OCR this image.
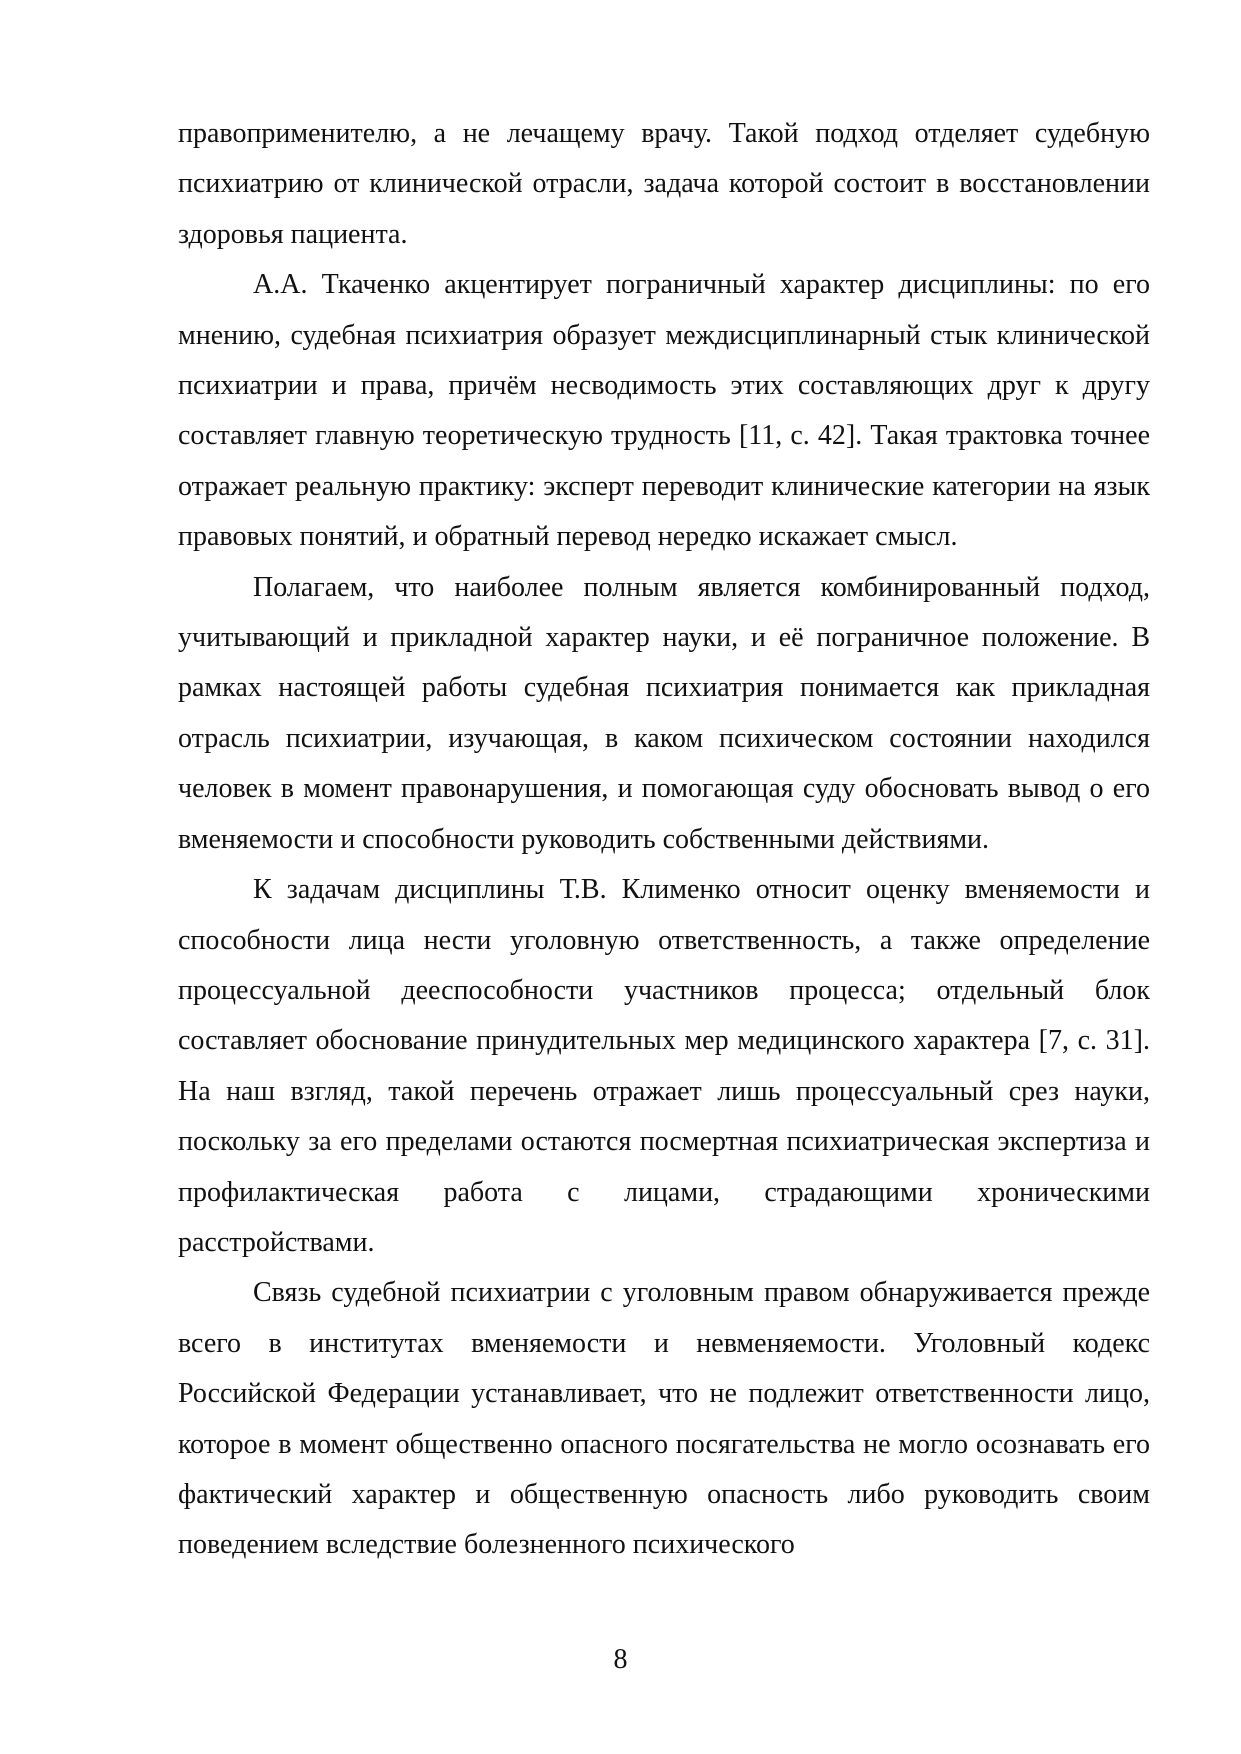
правоприменителю, а не лечащему врачу. Такой подход отделяет судебную психиатрию от клинической отрасли, задача которой состоит в восстановлении здоровья пациента.

А.А. Ткаченко акцентирует пограничный характер дисциплины: по его мнению, судебная психиатрия образует междисциплинарный стык клинической психиатрии и права, причём несводимость этих составляющих друг к другу составляет главную теоретическую трудность [11, с. 42]. Такая трактовка точнее отражает реальную практику: эксперт переводит клинические категории на язык правовых понятий, и обратный перевод нередко искажает смысл.

Полагаем, что наиболее полным является комбинированный подход, учитывающий и прикладной характер науки, и её пограничное положение. В рамках настоящей работы судебная психиатрия понимается как прикладная отрасль психиатрии, изучающая, в каком психическом состоянии находился человек в момент правонарушения, и помогающая суду обосновать вывод о его вменяемости и способности руководить собственными действиями.

К задачам дисциплины Т.В. Клименко относит оценку вменяемости и способности лица нести уголовную ответственность, а также определение процессуальной дееспособности участников процесса; отдельный блок составляет обоснование принудительных мер медицинского характера [7, с. 31]. На наш взгляд, такой перечень отражает лишь процессуальный срез науки, поскольку за его пределами остаются посмертная психиатрическая экспертиза и профилактическая работа с лицами, страдающими хроническими расстройствами.

Связь судебной психиатрии с уголовным правом обнаруживается прежде всего в институтах вменяемости и невменяемости. Уголовный кодекс Российской Федерации устанавливает, что не подлежит ответственности лицо, которое в момент общественно опасного посягательства не могло осознавать его фактический характер и общественную опасность либо руководить своим поведением вследствие болезненного психического

8
